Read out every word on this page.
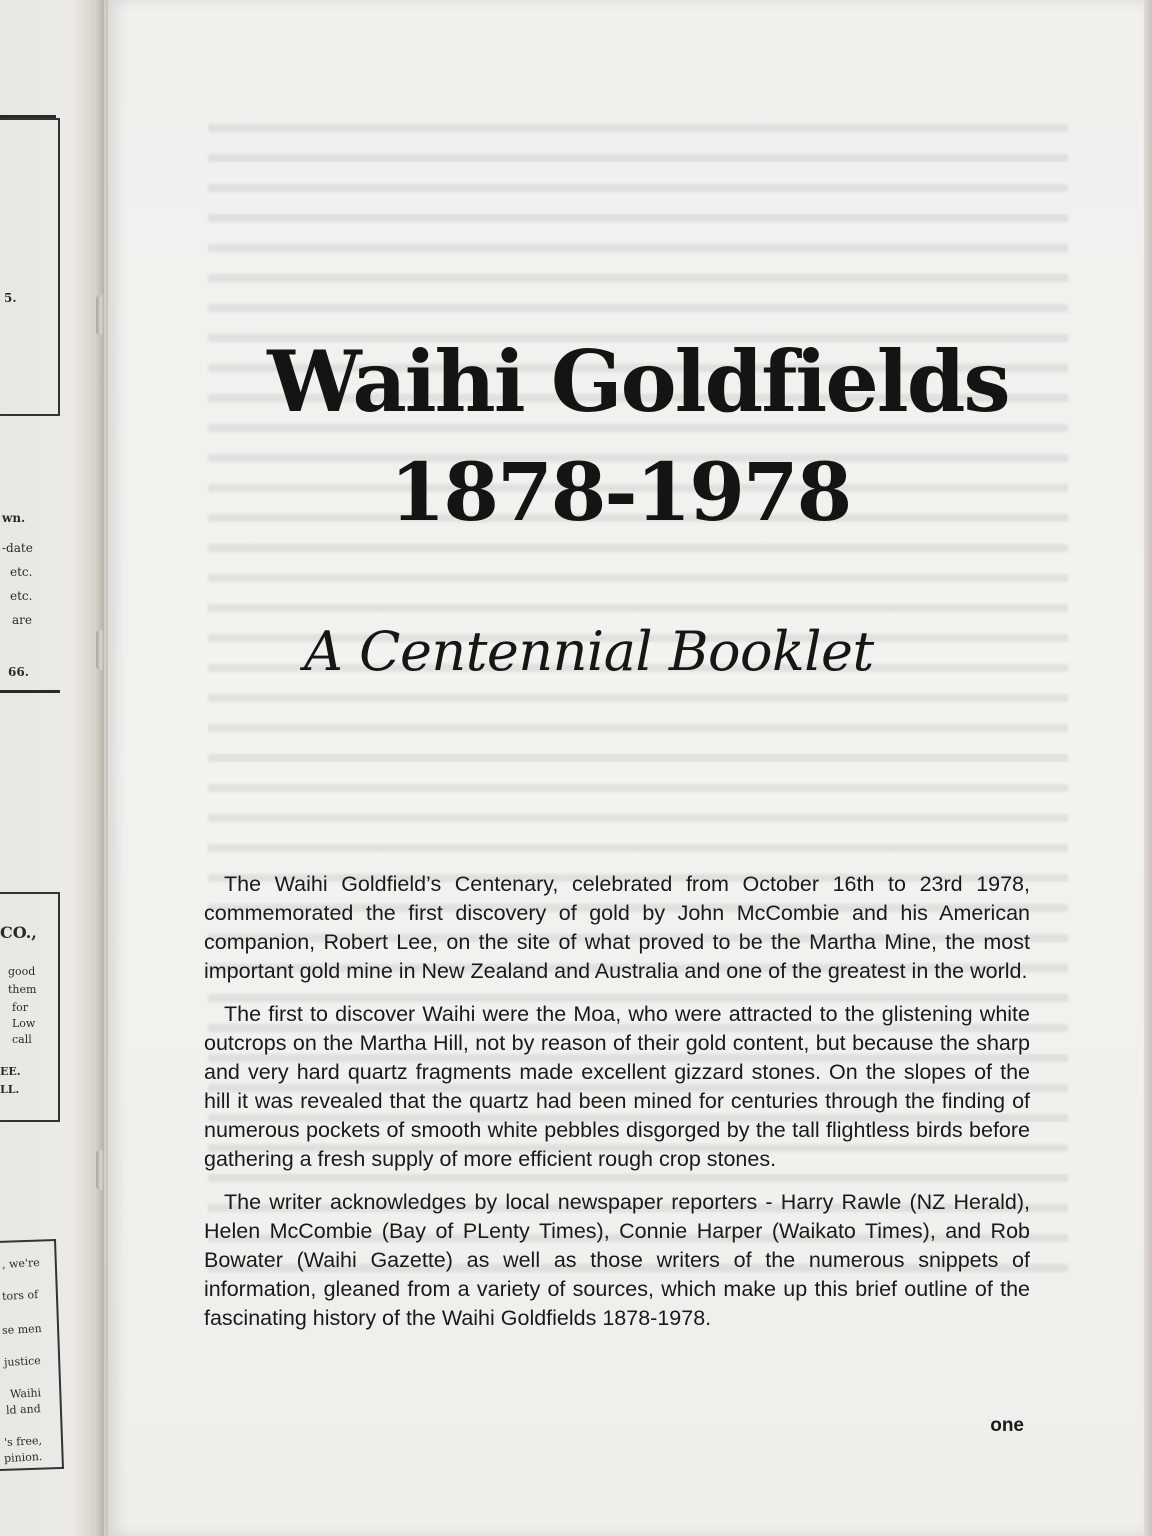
5.
wn.
-date
etc.
etc.
are
66.
CO.,
good
them
for
Low
call
EE.
LL.
, we're
tors of
se men
justice
Waihi
ld and
's free,
pinion.
Waihi Goldfields
1878-1978
A Centennial Booklet

The Waihi Goldfield’s Centenary, celebrated from October 16th to 23rd 1978, commemorated the first discovery of gold by John McCombie and his American companion, Robert Lee, on the site of what proved to be the Martha Mine, the most important gold mine in New Zealand and Australia and one of the greatest in the world.

The first to discover Waihi were the Moa, who were attracted to the glistening white outcrops on the Martha Hill, not by reason of their gold content, but because the sharp and very hard quartz fragments made excellent gizzard stones. On the slopes of the hill it was revealed that the quartz had been mined for centuries through the finding of numerous pockets of smooth white pebbles disgorged by the tall flightless birds before gathering a fresh supply of more efficient rough crop stones.

The writer acknowledges by local newspaper reporters - Harry Rawle (NZ Herald), Helen McCombie (Bay of PLenty Times), Connie Harper (Waikato Times), and Rob Bowater (Waihi Gazette) as well as those writers of the numerous snippets of information, gleaned from a variety of sources, which make up this brief outline of the fascinating history of the Waihi Goldfields 1878-1978.

one
